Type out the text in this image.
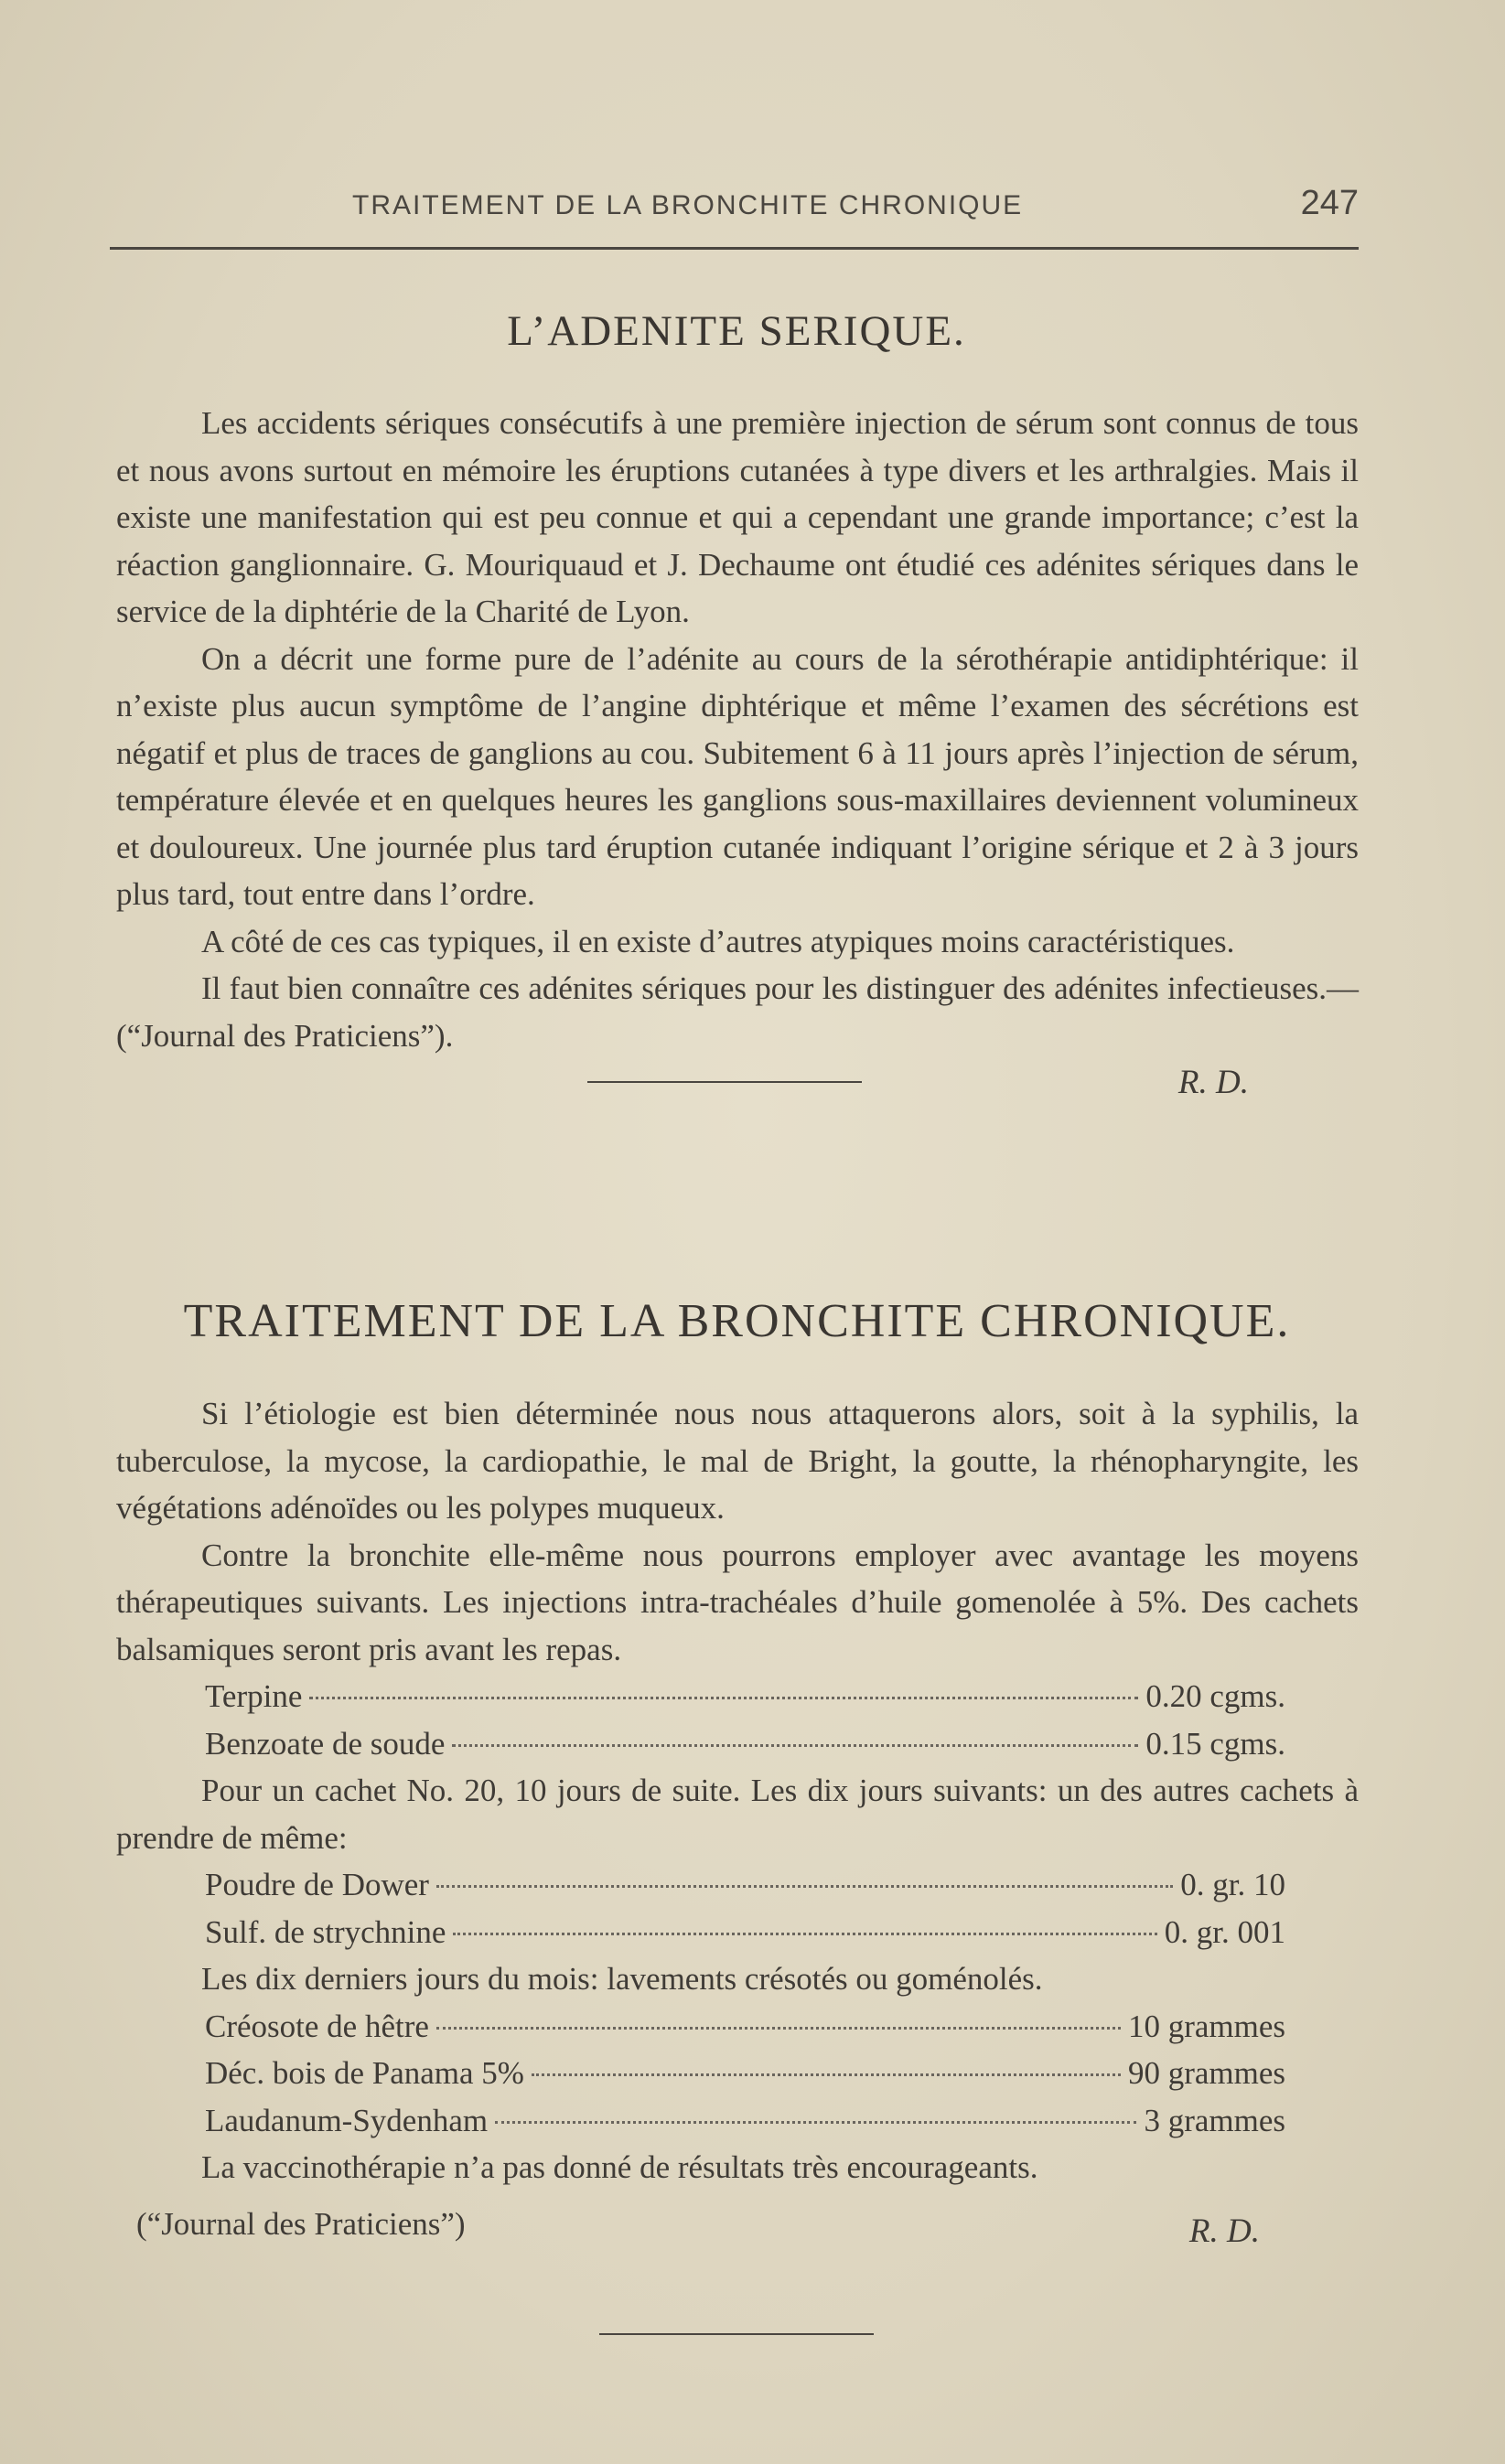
TRAITEMENT DE LA BRONCHITE CHRONIQUE	247
L’ADENITE SERIQUE.

Les accidents sériques consécutifs à une première injection de sérum sont connus de tous et nous avons surtout en mémoire les éruptions cutanées à type divers et les arthralgies. Mais il existe une manifestation qui est peu connue et qui a cependant une grande importance; c’est la réaction ganglionnaire. G. Mouriquaud et J. Dechaume ont étudié ces adénites sériques dans le service de la diphtérie de la Charité de Lyon.

On a décrit une forme pure de l’adénite au cours de la sérothérapie antidiphtérique: il n’existe plus aucun symptôme de l’angine diphtérique et même l’examen des sécrétions est négatif et plus de traces de ganglions au cou. Subitement 6 à 11 jours après l’injection de sérum, température élevée et en quelques heures les ganglions sous-maxillaires deviennent volumineux et douloureux. Une journée plus tard éruption cutanée indiquant l’origine sérique et 2 à 3 jours plus tard, tout entre dans l’ordre.

A côté de ces cas typiques, il en existe d’autres atypiques moins caractéristiques.

Il faut bien connaître ces adénites sériques pour les distinguer des adénites infectieuses.—(“Journal des Praticiens”).

R. D.
TRAITEMENT DE LA BRONCHITE CHRONIQUE.

Si l’étiologie est bien déterminée nous nous attaquerons alors, soit à la syphilis, la tuberculose, la mycose, la cardiopathie, le mal de Bright, la goutte, la rhénopharyngite, les végétations adénoïdes ou les polypes muqueux.

Contre la bronchite elle-même nous pourrons employer avec avantage les moyens thérapeutiques suivants. Les injections intra-trachéales d’huile gomenolée à 5%. Des cachets balsamiques seront pris avant les repas.

Terpine	0.20 cgms.
Benzoate de soude	0.15 cgms.

Pour un cachet No. 20, 10 jours de suite. Les dix jours suivants: un des autres cachets à prendre de même:

Poudre de Dower	0. gr. 10
Sulf. de strychnine	0. gr. 001

Les dix derniers jours du mois: lavements crésotés ou goménolés.

Créosote de hêtre	10 grammes
Déc. bois de Panama 5%	90 grammes
Laudanum-Sydenham	3 grammes

La vaccinothérapie n’a pas donné de résultats très encourageants.

(“Journal des Praticiens”)	R. D.
